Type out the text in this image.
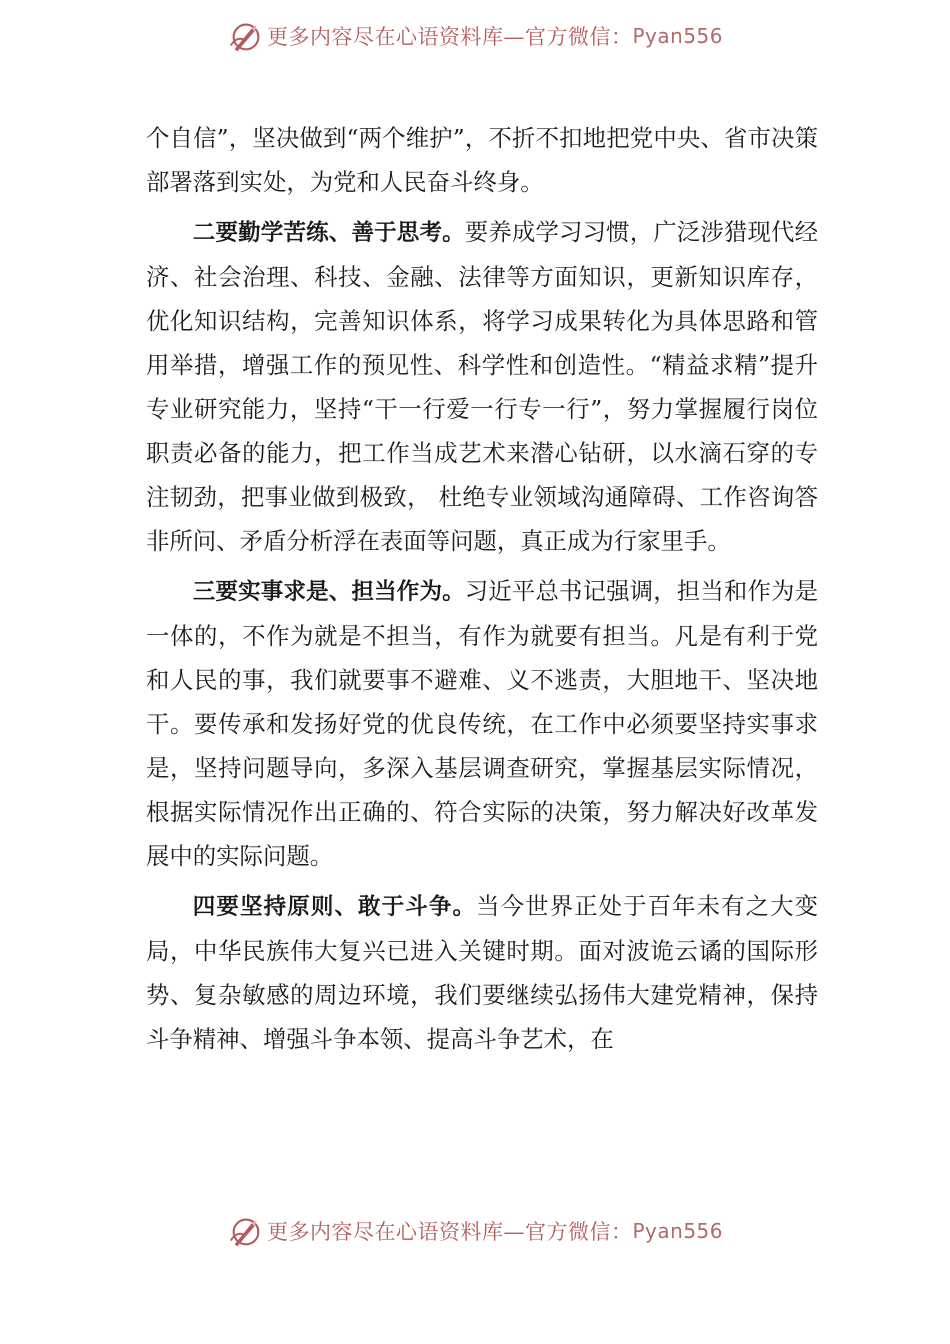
更多内容尽在心语资料库—官方微信： Pyan556

个自信”，坚决做到“两个维护”，不折不扣地把党中央、省市决策部署落到实处，为党和人民奋斗终身。

二要勤学苦练、善于思考。要养成学习习惯，广泛涉猎现代经济、社会治理、科技、金融、法律等方面知识，更新知识库存，优化知识结构，完善知识体系，将学习成果转化为具体思路和管用举措，增强工作的预见性、科学性和创造性。“精益求精”提升专业研究能力，坚持“干一行爱一行专一行”，努力掌握履行岗位职责必备的能力，把工作当成艺术来潜心钻研，以水滴石穿的专注韧劲，把事业做到极致， 杜绝专业领域沟通障碍、工作咨询答非所问、矛盾分析浮在表面等问题，真正成为行家里手。

三要实事求是、担当作为。习近平总书记强调，担当和作为是一体的，不作为就是不担当，有作为就要有担当。凡是有利于党和人民的事，我们就要事不避难、义不逃责，大胆地干、坚决地干。要传承和发扬好党的优良传统，在工作中必须要坚持实事求是，坚持问题导向，多深入基层调查研究，掌握基层实际情况，根据实际情况作出正确的、符合实际的决策，努力解决好改革发展中的实际问题。

四要坚持原则、敢于斗争。当今世界正处于百年未有之大变局，中华民族伟大复兴已进入关键时期。面对波诡云谲的国际形势、复杂敏感的周边环境，我们要继续弘扬伟大建党精神，保持斗争精神、增强斗争本领、提高斗争艺术，在

更多内容尽在心语资料库—官方微信： Pyan556
